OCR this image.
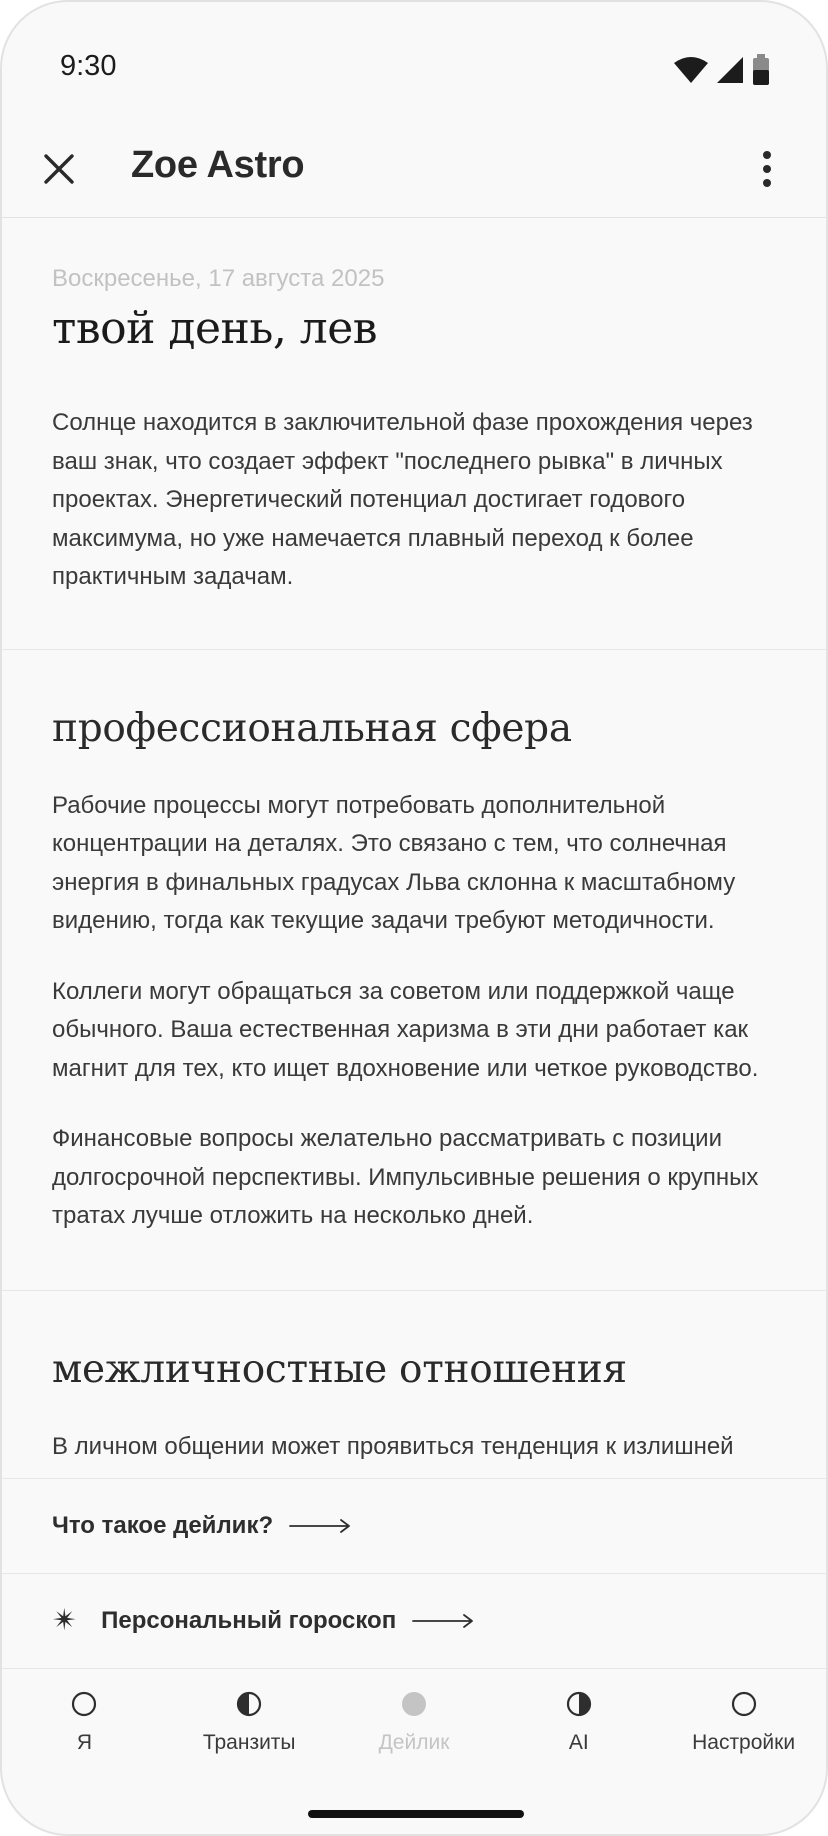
9:30
Zoe Astro
Воскресенье, 17 августа 2025
твой день, лев

Солнце находится в заключительной фазе прохождения через ваш знак, что создает эффект "последнего рывка" в личных проектах. Энергетический потенциал достигает годового максимума, но уже намечается плавный переход к более практичным задачам.

профессиональная сфера

Рабочие процессы могут потребовать дополнительной концентрации на деталях. Это связано с тем, что солнечная энергия в финальных градусах Льва склонна к масштабному видению, тогда как текущие задачи требуют методичности.

Коллеги могут обращаться за советом или поддержкой чаще обычного. Ваша естественная харизма в эти дни работает как магнит для тех, кто ищет вдохновение или четкое руководство.

Финансовые вопросы желательно рассматривать с позиции долгосрочной перспективы. Импульсивные решения о крупных тратах лучше отложить на несколько дней.

межличностные отношения

В личном общении может проявиться тенденция к излишней

Что такое дейлик?
✴ Персональный гороскоп
Я	Транзиты	Дейлик	AI	Настройки
